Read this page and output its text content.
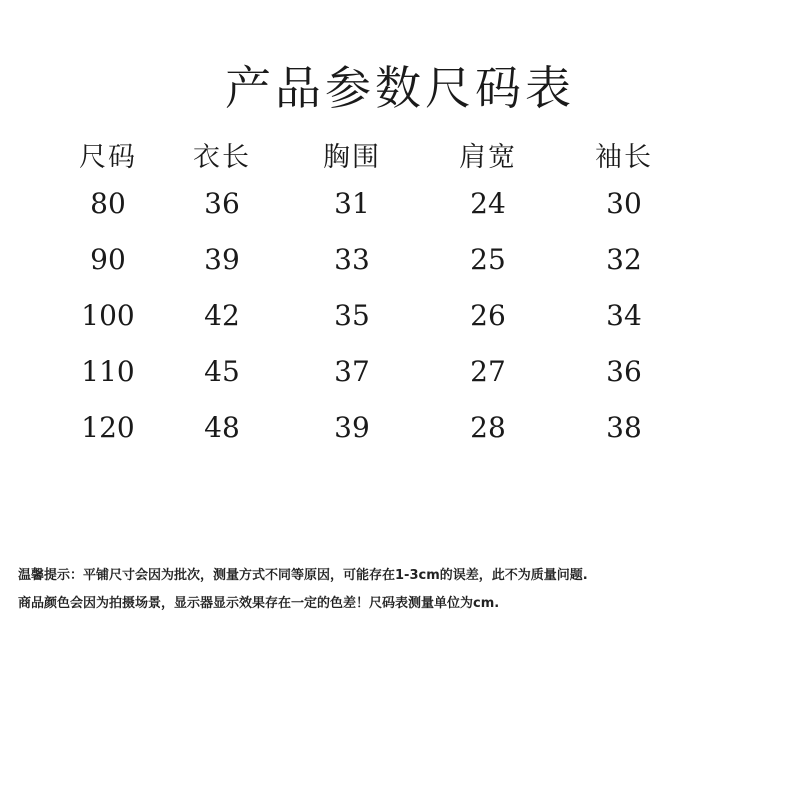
产品参数尺码表
尺码	衣长	胸围	肩宽	袖长
80	36	31	24	30
90	39	33	25	32
100	42	35	26	34
110	45	37	27	36
120	48	39	28	38
温馨提示：平铺尺寸会因为批次，测量方式不同等原因，可能存在1-3cm的误差，此不为质量问题.
商品颜色会因为拍摄场景，显示器显示效果存在一定的色差！尺码表测量单位为cm.
